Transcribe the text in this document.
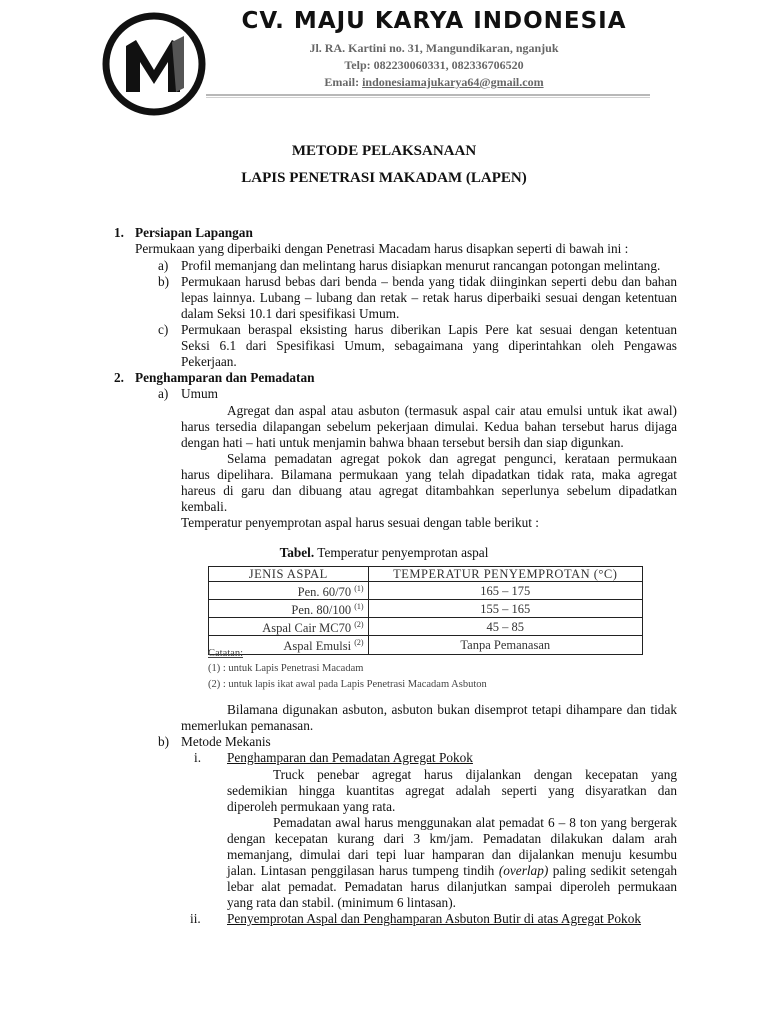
CV. MAJU KARYA INDONESIA
Jl. RA. Kartini no. 31, Mangundikaran, nganjuk
Telp: 082230060331, 082336706520
Email: indonesiamajukarya64@gmail.com
METODE PELAKSANAAN
LAPIS PENETRASI MAKADAM (LAPEN)

1. Persiapan Lapangan

Permukaan yang diperbaiki dengan Penetrasi Macadam harus disapkan seperti di bawah ini :

a) Profil memanjang dan melintang harus disiapkan menurut rancangan potongan melintang.

b) Permukaan harusd bebas dari benda – benda yang tidak diinginkan seperti debu dan bahan

lepas lainnya. Lubang – lubang dan retak – retak harus diperbaiki sesuai dengan ketentuan

dalam Seksi 10.1 dari spesifikasi Umum.

c) Permukaan beraspal eksisting harus diberikan Lapis Pere kat sesuai dengan ketentuan

Seksi 6.1 dari Spesifikasi Umum, sebagaimana yang diperintahkan oleh Pengawas

Pekerjaan.

2. Penghamparan dan Pemadatan

a) Umum

Agregat dan aspal atau asbuton (termasuk aspal cair atau emulsi untuk ikat awal)

harus tersedia dilapangan sebelum pekerjaan dimulai. Kedua bahan tersebut harus dijaga

dengan hati – hati untuk menjamin bahwa bhaan tersebut bersih dan siap digunkan.

Selama pemadatan agregat pokok dan agregat pengunci, kerataan permukaan

harus dipelihara. Bilamana permukaan yang telah dipadatkan tidak rata, maka agregat

hareus di garu dan dibuang atau agregat ditambahkan seperlunya sebelum dipadatkan

kembali.

Temperatur penyemprotan aspal harus sesuai dengan table berikut :

Tabel. Temperatur penyemprotan aspal
JENIS ASPAL	TEMPERATUR PENYEMPROTAN (°C)
Pen. 60/70 $^{(1)}$	165 – 175
Pen. 80/100 $^{(1)}$	155 – 165
Aspal Cair MC70 $^{(2)}$	45 – 85
Aspal Emulsi $^{(2)}$	Tanpa Pemanasan
Catatan:
(1) : untuk Lapis Penetrasi Macadam
(2) : untuk lapis ikat awal pada Lapis Penetrasi Macadam Asbuton

Bilamana digunakan asbuton, asbuton bukan disemprot tetapi dihampare dan tidak

memerlukan pemanasan.

b) Metode Mekanis

i. Penghamparan dan Pemadatan Agregat Pokok

Truck penebar agregat harus dijalankan dengan kecepatan yang

sedemikian hingga kuantitas agregat adalah seperti yang disyaratkan dan

diperoleh permukaan yang rata.

Pemadatan awal harus menggunakan alat pemadat 6 – 8 ton yang bergerak

dengan kecepatan kurang dari 3 km/jam. Pemadatan dilakukan dalam arah

memanjang, dimulai dari tepi luar hamparan dan dijalankan menuju kesumbu

jalan. Lintasan penggilasan harus tumpeng tindih (overlap) paling sedikit setengah

lebar alat pemadat. Pemadatan harus dilanjutkan sampai diperoleh permukaan

yang rata dan stabil. (minimum 6 lintasan).

ii. Penyemprotan Aspal dan Penghamparan Asbuton Butir di atas Agregat Pokok
